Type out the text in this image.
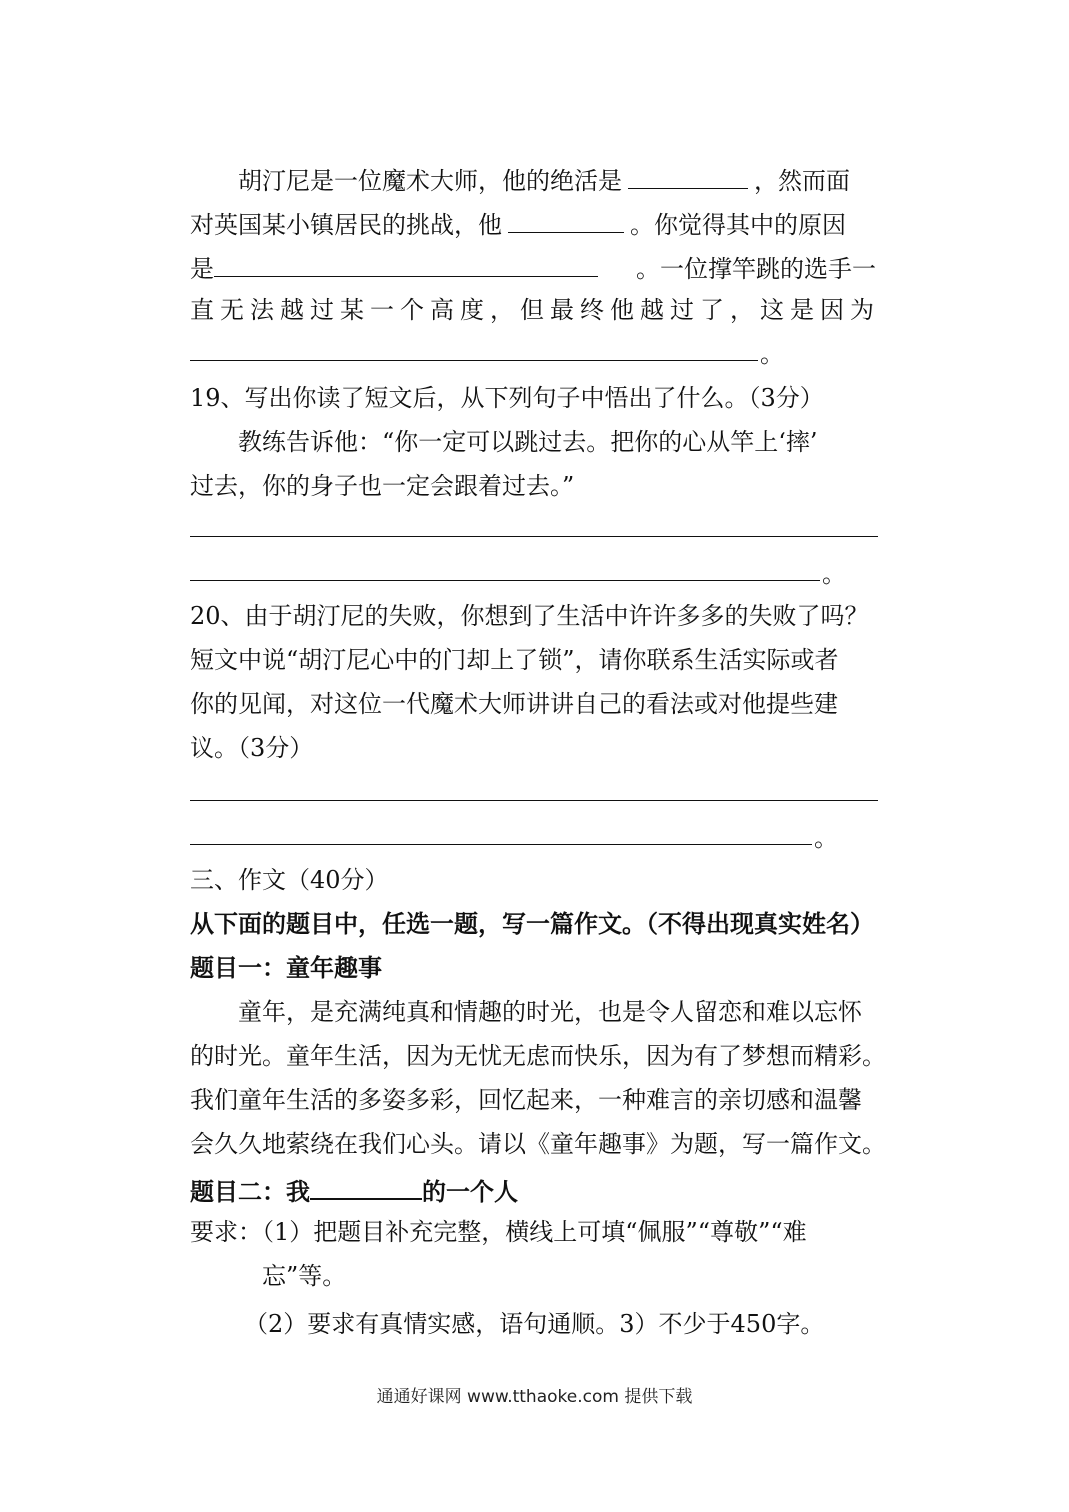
胡汀尼是一位魔术大师，他的绝活是	，然而面
对英国某小镇居民的挑战，他	。你觉得其中的原因
是	。一位撑竿跳的选手一
直无法越过某一个高度，但最终他越过了，这是因为
。
19、写出你读了短文后，从下列句子中悟出了什么。（3分）
教练告诉他：“你一定可以跳过去。把你的心从竿上‘摔’
过去，你的身子也一定会跟着过去。”
。
20、由于胡汀尼的失败，你想到了生活中许许多多的失败了吗？
短文中说“胡汀尼心中的门却上了锁”，请你联系生活实际或者
你的见闻，对这位一代魔术大师讲讲自己的看法或对他提些建
议。（3分）
。
三、作文（40分）
从下面的题目中，任选一题，写一篇作文。（不得出现真实姓名）
题目一：童年趣事
童年，是充满纯真和情趣的时光，也是令人留恋和难以忘怀
的时光。童年生活，因为无忧无虑而快乐，因为有了梦想而精彩。
我们童年生活的多姿多彩，回忆起来，一种难言的亲切感和温馨
会久久地萦绕在我们心头。请以《童年趣事》为题，写一篇作文。
题目二：我	的一个人
要求：（1）把题目补充完整，横线上可填“佩服”“尊敬”“难
忘”等。
（2）要求有真情实感，语句通顺。3）不少于450字。
通通好课网 www.tthaoke.com 提供下载
